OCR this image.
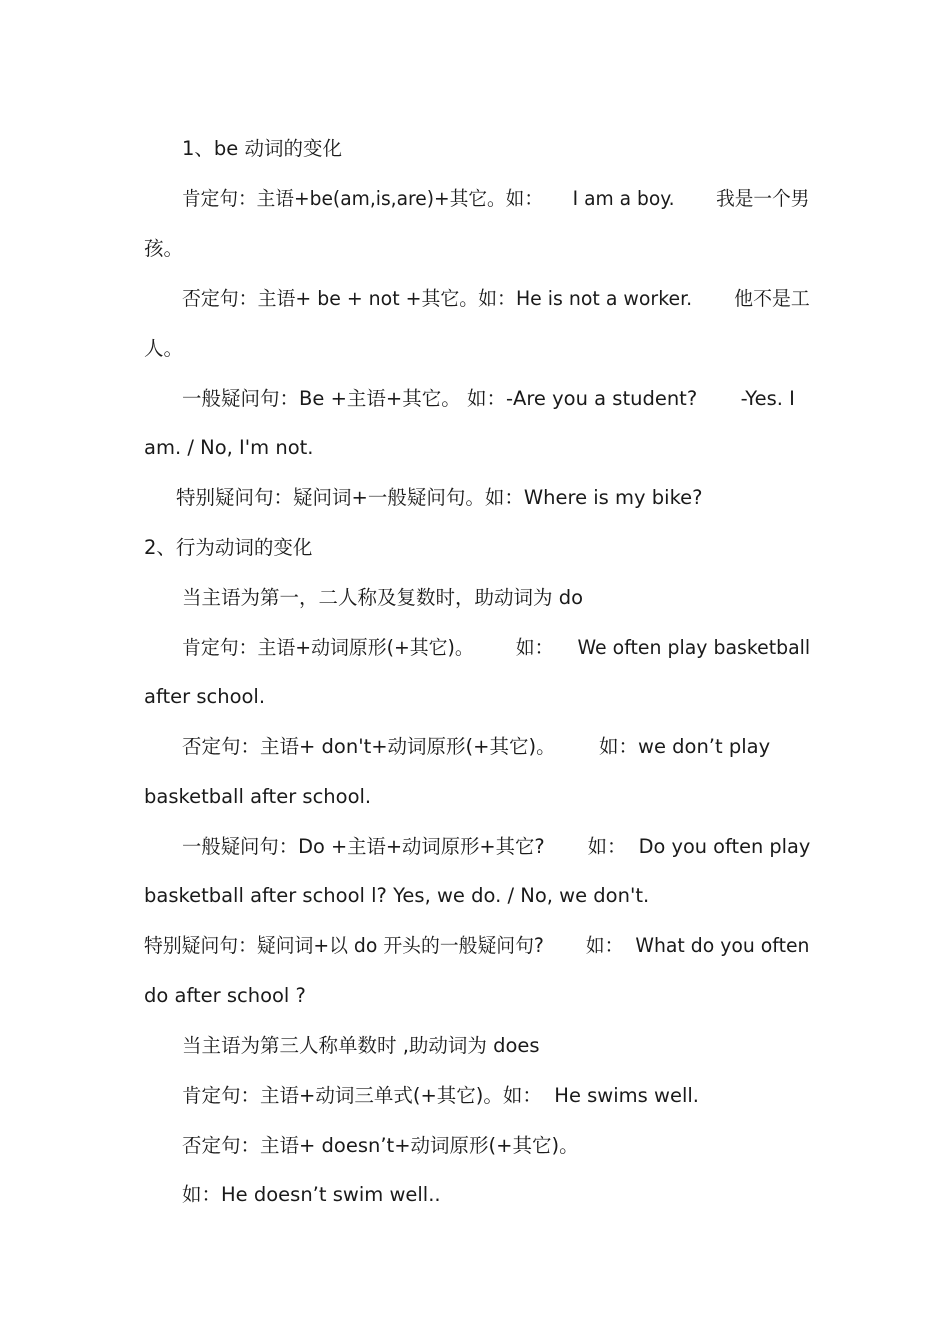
1、be 动词的变化
肯定句：主语+be(am,is,are)+其它。如：     I am a boy.       我是一个男
孩。
否定句：主语+ be + not +其它。如：He is not a worker.       他不是工
人。
一般疑问句：Be +主语+其它。 如：-Are you a student?       -Yes. I
am. / No, I'm not.
特别疑问句：疑问词+一般疑问句。如：Where is my bike?
2、行为动词的变化
当主语为第一，二人称及复数时，助动词为 do
肯定句：主语+动词原形(+其它)。       如：    We often play basketball
after school.
否定句：主语+ don't+动词原形(+其它)。       如：we don’t play
basketball after school.
一般疑问句：Do +主语+动词原形+其它?       如：  Do you often play
basketball after school l? Yes, we do. / No, we don't.
特别疑问句：疑问词+以 do 开头的一般疑问句?       如：  What do you often
do after school ?
当主语为第三人称单数时 ,助动词为 does
肯定句：主语+动词三单式(+其它)。如：  He swims well.
否定句：主语+ doesn’t+动词原形(+其它)。
如：He doesn’t swim well..
